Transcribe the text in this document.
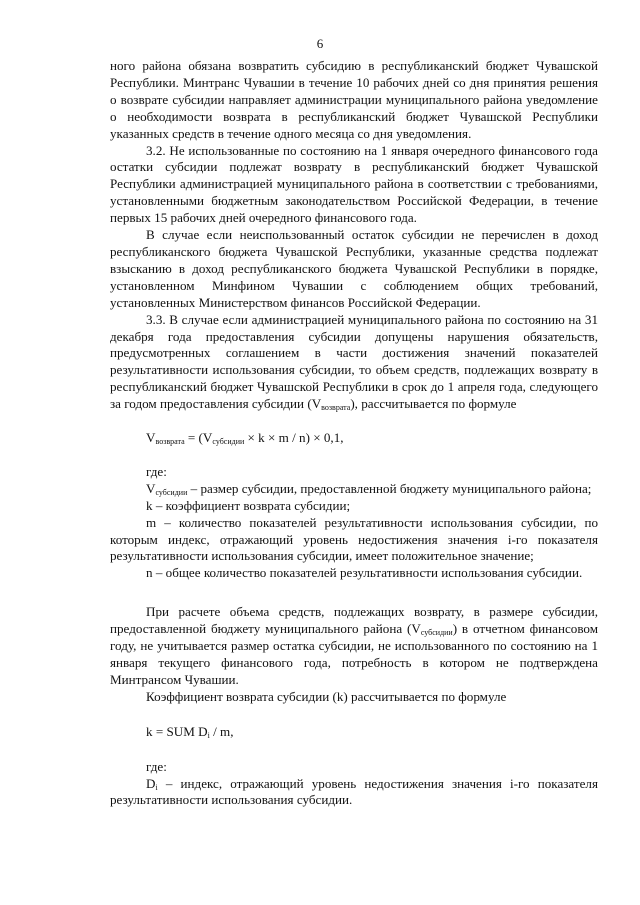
6

ного района обязана возвратить субсидию в республиканский бюджет Чувашской Республики. Минтранс Чувашии в течение 10 рабочих дней со дня принятия решения о возврате субсидии направляет администрации муниципального района уведомление о необходимости возврата в республиканский бюджет Чувашской Республики указанных средств в течение одного месяца со дня уведомления.

3.2. Не использованные по состоянию на 1 января очередного финансового года остатки субсидии подлежат возврату в республиканский бюджет Чувашской Республики администрацией муниципального района в соответствии с требованиями, установленными бюджетным законодательством Российской Федерации, в течение первых 15 рабочих дней очередного финансового года.

В случае если неиспользованный остаток субсидии не перечислен в доход республиканского бюджета Чувашской Республики, указанные средства подлежат взысканию в доход республиканского бюджета Чувашской Республики в порядке, установленном Минфином Чувашии с соблюдением общих требований, установленных Министерством финансов Российской Федерации.

3.3. В случае если администрацией муниципального района по состоянию на 31 декабря года предоставления субсидии допущены нарушения обязательств, предусмотренных соглашением в части достижения значений показателей результативности использования субсидии, то объем средств, подлежащих возврату в республиканский бюджет Чувашской Республики в срок до 1 апреля года, следующего за годом предоставления субсидии $(V_{возврата})$, рассчитывается по формуле

$V_{возврата} = (V_{субсидии} \times k \times m / n) \times 0,1$,

где:

$V_{субсидии}$ – размер субсидии, предоставленной бюджету муниципального района;

k – коэффициент возврата субсидии;

m – количество показателей результативности использования субсидии, по которым индекс, отражающий уровень недостижения значения i-го показателя результативности использования субсидии, имеет положительное значение;

n – общее количество показателей результативности использования субсидии.

При расчете объема средств, подлежащих возврату, в размере субсидии, предоставленной бюджету муниципального района $(V_{субсидии})$ в отчетном финансовом году, не учитывается размер остатка субсидии, не использованного по состоянию на 1 января текущего финансового года, потребность в котором не подтверждена Минтрансом Чувашии.

Коэффициент возврата субсидии (k) рассчитывается по формуле

k = SUM $D_i$ / m,

где:

$D_i$ – индекс, отражающий уровень недостижения значения i-го показателя результативности использования субсидии.
